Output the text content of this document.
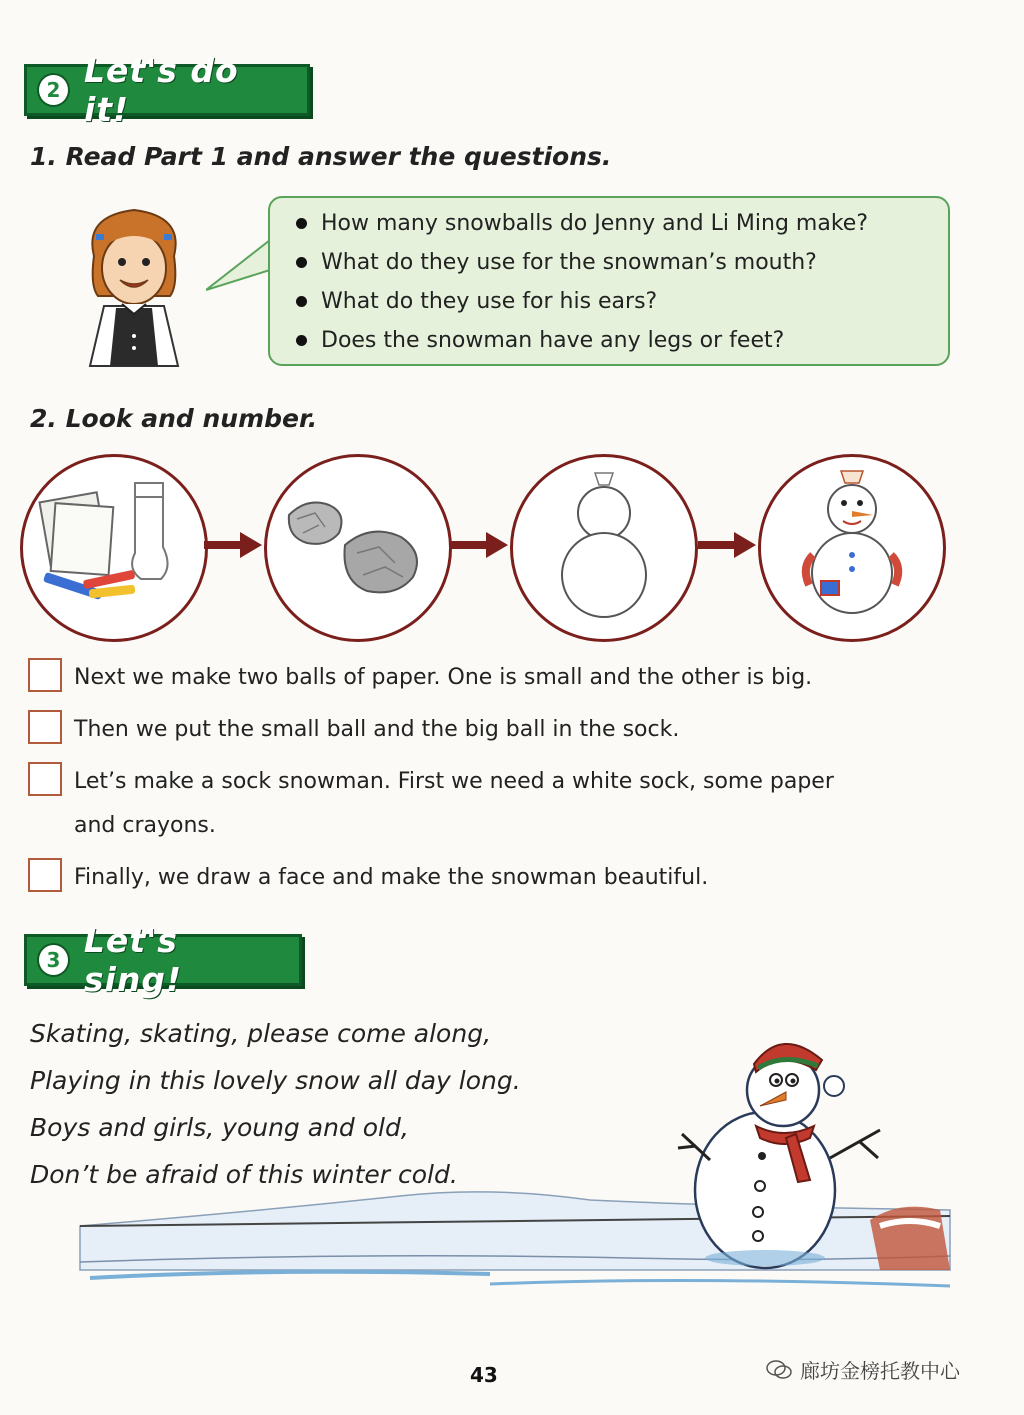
2 Let's do it!
1. Read Part 1 and answer the questions.
How many snowballs do Jenny and Li Ming make?
What do they use for the snowman’s mouth?
What do they use for his ears?
Does the snowman have any legs or feet?
2. Look and number.
Next we make two balls of paper. One is small and the other is big.
Then we put the small ball and the big ball in the sock.
Let’s make a sock snowman. First we need a white sock, some paper
and crayons.
Finally, we draw a face and make the snowman beautiful.
3 Let's sing!
Skating, skating, please come along,
Playing in this lovely snow all day long.
Boys and girls, young and old,
Don’t be afraid of this winter cold.
43	廊坊金榜托教中心
